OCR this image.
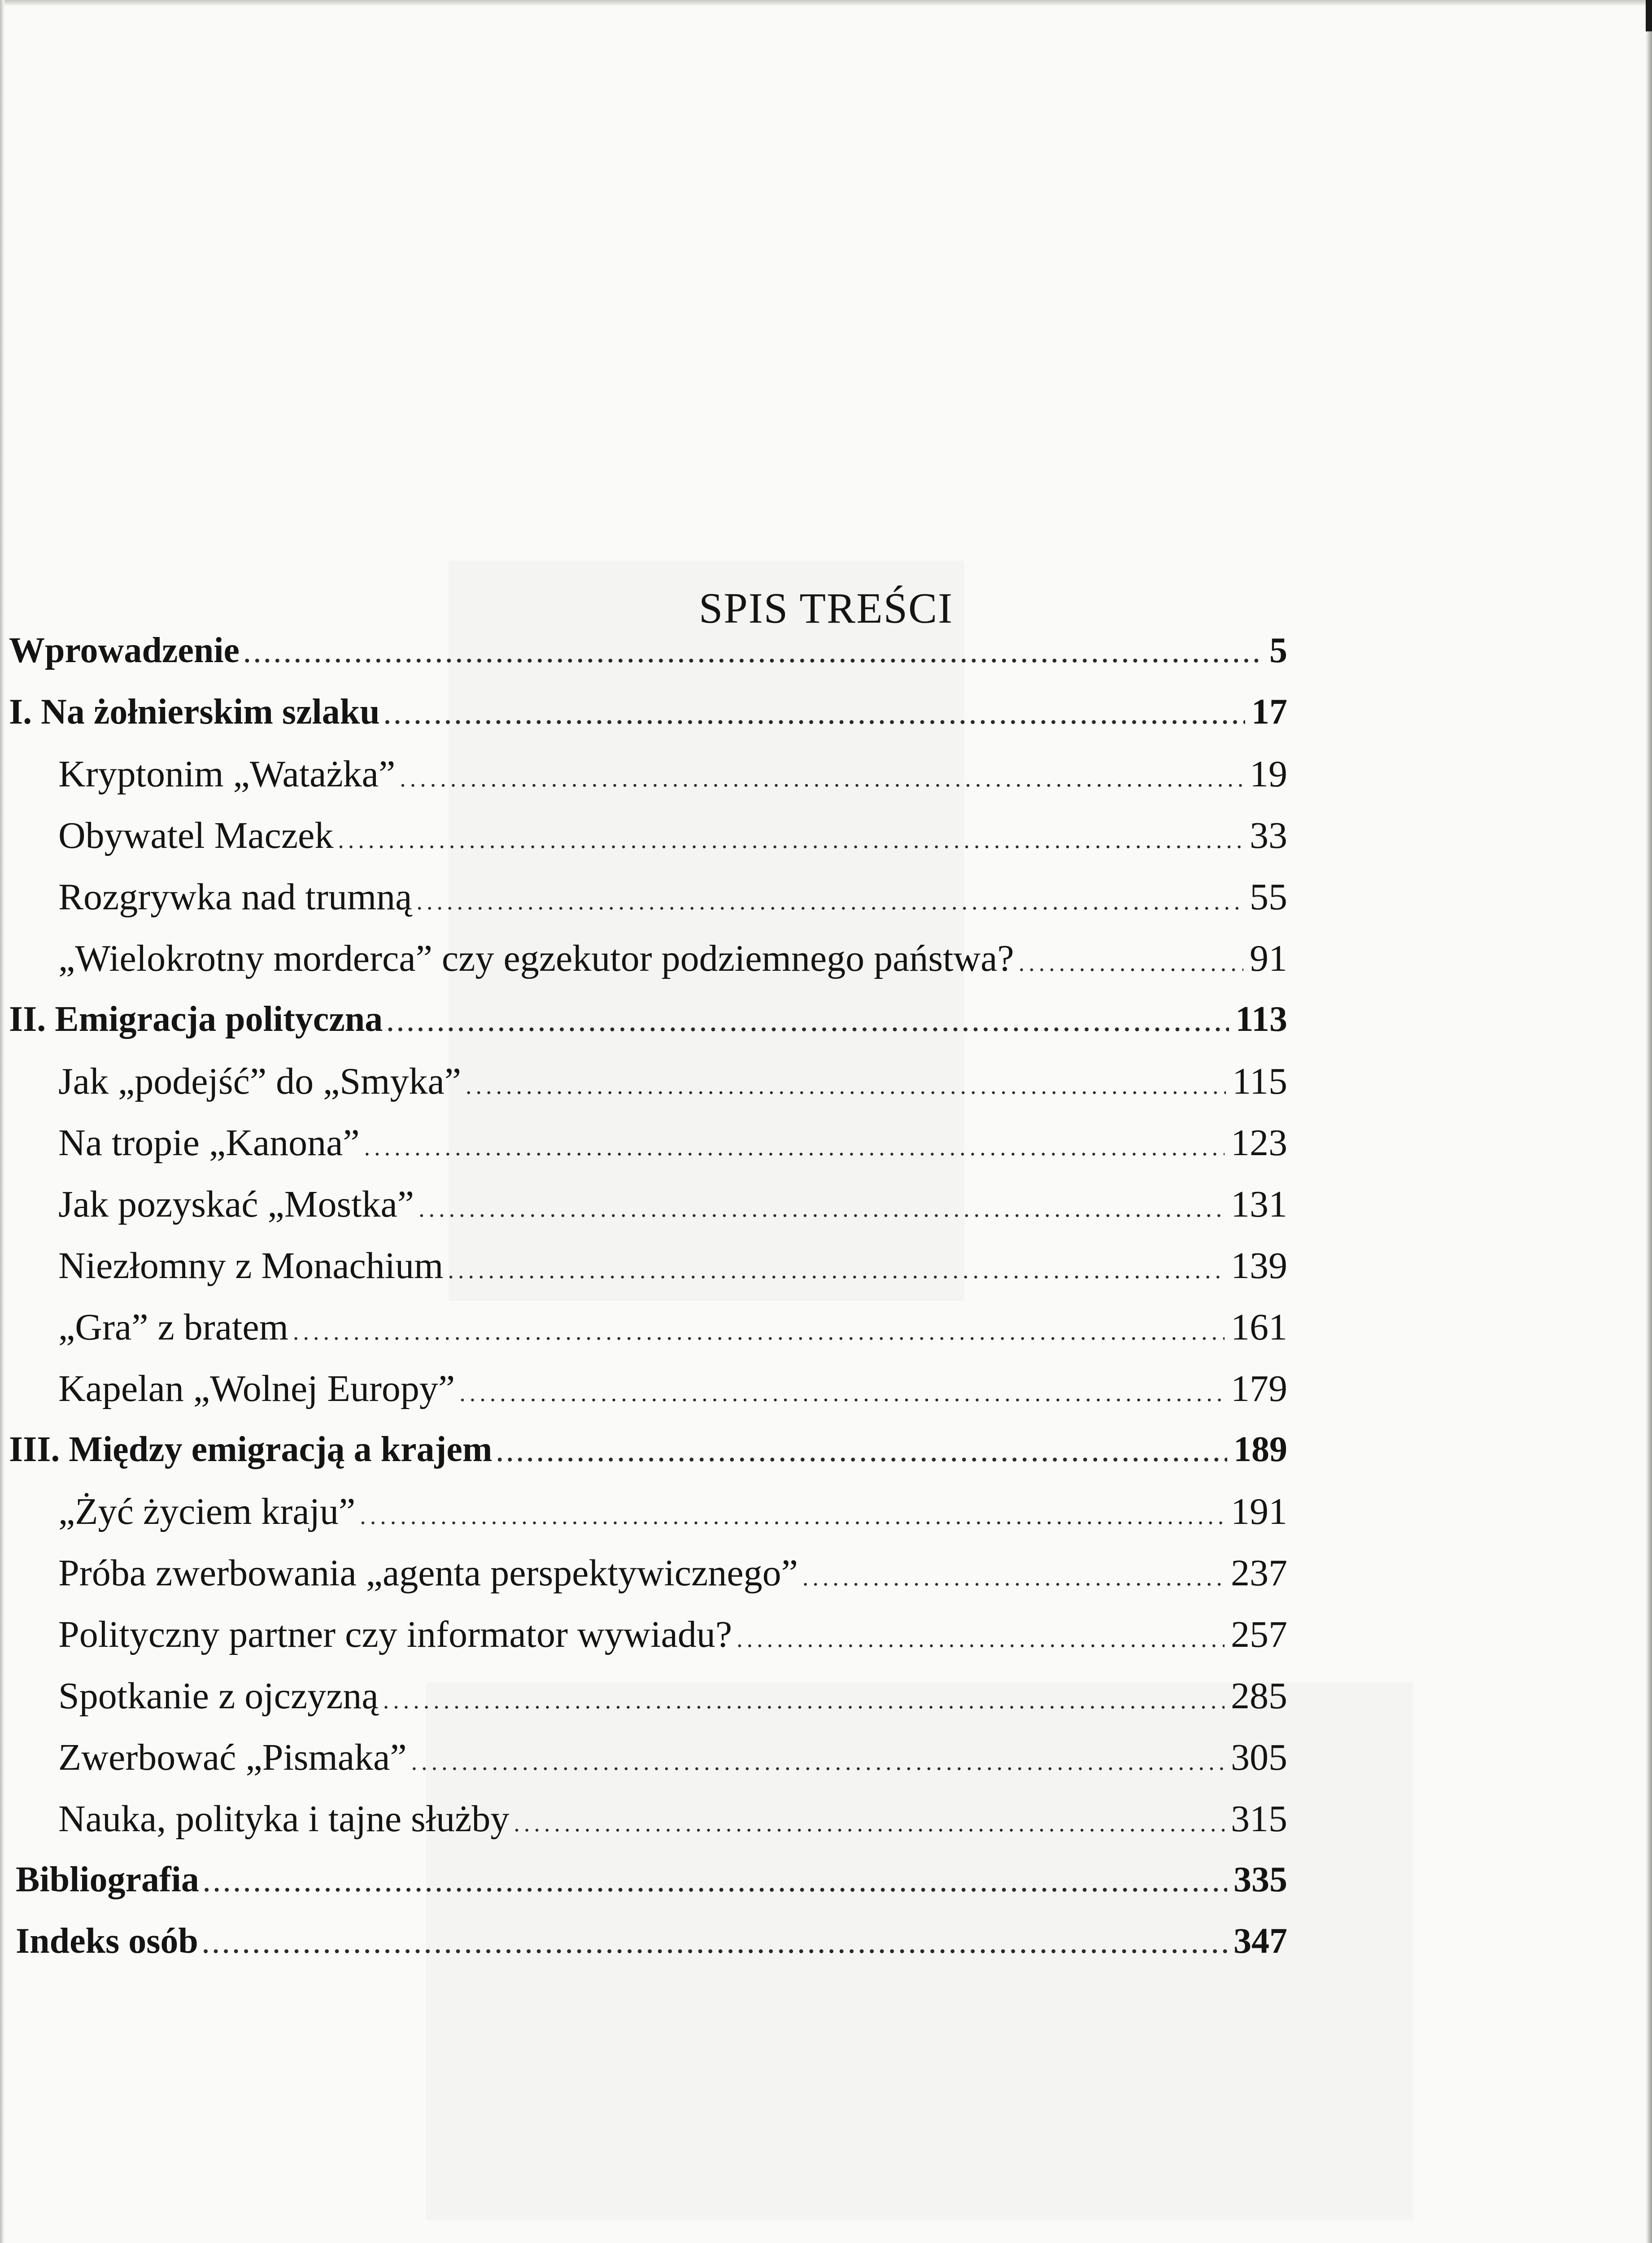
SPIS TREŚCI
Wprowadzenie .....	5
I. Na żołnierskim szlaku .....	17
Kryptonim „Watażka” .....	19
Obywatel Maczek .....	33
Rozgrywka nad trumną .....	55
„Wielokrotny morderca” czy egzekutor podziemnego państwa? .....	91
II. Emigracja polityczna .....	113
Jak „podejść” do „Smyka” .....	115
Na tropie „Kanona” .....	123
Jak pozyskać „Mostka” .....	131
Niezłomny z Monachium .....	139
„Gra” z bratem .....	161
Kapelan „Wolnej Europy” .....	179
III. Między emigracją a krajem .....	189
„Żyć życiem kraju” .....	191
Próba zwerbowania „agenta perspektywicznego” .....	237
Polityczny partner czy informator wywiadu? .....	257
Spotkanie z ojczyzną .....	285
Zwerbować „Pismaka” .....	305
Nauka, polityka i tajne służby .....	315
Bibliografia .....	335
Indeks osób .....	347
